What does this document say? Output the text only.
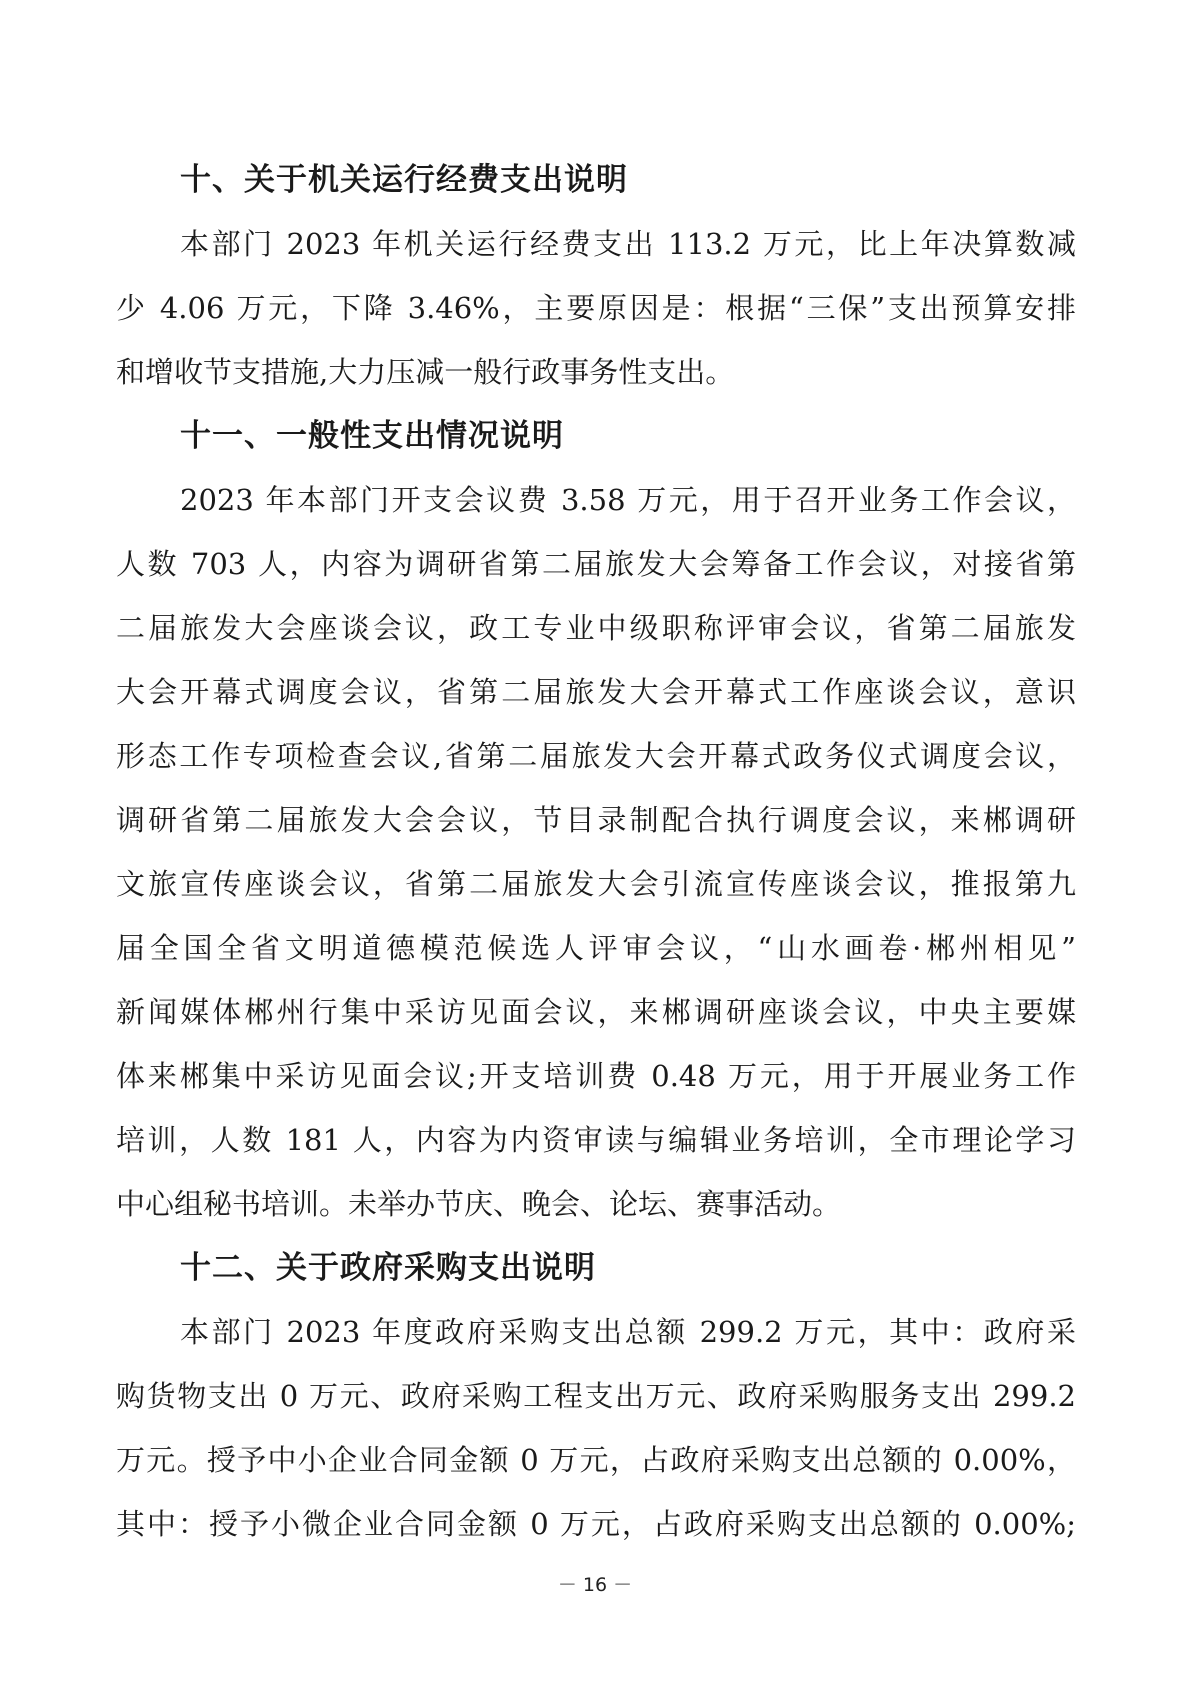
十、关于机关运行经费支出说明
本部门 2023 年机关运行经费支出 113.2 万元，比上年决算数减
少 4.06 万元，下降 3.46%，主要原因是：根据“三保”支出预算安排
和增收节支措施,大力压减一般行政事务性支出。
十一、一般性支出情况说明
2023 年本部门开支会议费 3.58 万元，用于召开业务工作会议，
人数 703 人，内容为调研省第二届旅发大会筹备工作会议，对接省第
二届旅发大会座谈会议，政工专业中级职称评审会议，省第二届旅发
大会开幕式调度会议，省第二届旅发大会开幕式工作座谈会议，意识
形态工作专项检查会议,省第二届旅发大会开幕式政务仪式调度会议，
调研省第二届旅发大会会议，节目录制配合执行调度会议，来郴调研
文旅宣传座谈会议，省第二届旅发大会引流宣传座谈会议，推报第九
届全国全省文明道德模范候选人评审会议，“山水画卷·郴州相见”
新闻媒体郴州行集中采访见面会议，来郴调研座谈会议，中央主要媒
体来郴集中采访见面会议;开支培训费 0.48 万元，用于开展业务工作
培训，人数 181 人，内容为内资审读与编辑业务培训，全市理论学习
中心组秘书培训。未举办节庆、晚会、论坛、赛事活动。
十二、关于政府采购支出说明
本部门 2023 年度政府采购支出总额 299.2 万元，其中：政府采
购货物支出 0 万元、政府采购工程支出万元、政府采购服务支出 299.2
万元。授予中小企业合同金额 0 万元，占政府采购支出总额的 0.00%，
其中：授予小微企业合同金额 0 万元，占政府采购支出总额的 0.00%;
－ 16 －
